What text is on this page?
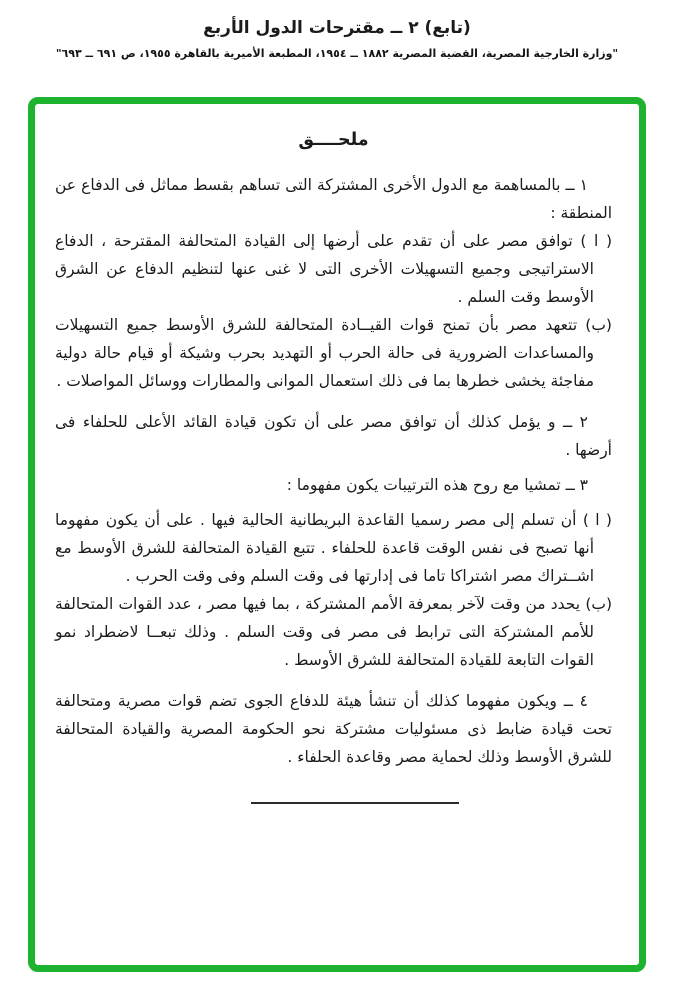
(تابع) ٢ ــ مقترحات الدول الأربع
"وزارة الخارجية المصرية، القضية المصرية ١٨٨٢ ــ ١٩٥٤، المطبعة الأميرية بالقاهرة ١٩٥٥، ص ٦٩١ ــ ٦٩٣"
ملحــــق

١ ــ بالمساهمة مع الدول الأخرى المشتركة التى تساهم بقسط مماثل فى الدفاع عن المنطقة :

( ا ) توافق مصر على أن تقدم على أرضها إلى القيادة المتحالفة المقترحة ، الدفاع الاستراتيجى وجميع التسهيلات الأخرى التى لا غنى عنها لتنظيم الدفاع عن الشرق الأوسط وقت السلم .

(ب) تتعهد مصر بأن تمنح قوات القيــادة المتحالفة للشرق الأوسط جميع التسهيلات والمساعدات الضرورية فى حالة الحرب أو التهديد بحرب وشيكة أو قيام حالة دولية مفاجئة يخشى خطرها بما فى ذلك استعمال الموانى والمطارات ووسائل المواصلات .

٢ ــ و يؤمل كذلك أن توافق مصر على أن تكون قيادة القائد الأعلى للحلفاء فى أرضها .

٣ ــ تمشيا مع روح هذه الترتيبات يكون مفهوما :

( ا ) أن تسلم إلى مصر رسميا القاعدة البريطانية الحالية فيها . على أن يكون مفهوما أنها تصبح فى نفس الوقت قاعدة للحلفاء . تتبع القيادة المتحالفة للشرق الأوسط مع اشــتراك مصر اشتراكا تاما فى إدارتها فى وقت السلم وفى وقت الحرب .

(ب) يحدد من وقت لآخر بمعرفة الأمم المشتركة ، بما فيها مصر ، عدد القوات المتحالفة للأمم المشتركة التى ترابط فى مصر فى وقت السلم . وذلك تبعــا لاضطراد نمو القوات التابعة للقيادة المتحالفة للشرق الأوسط .

٤ ــ ويكون مفهوما كذلك أن تنشأ هيئة للدفاع الجوى تضم قوات مصرية ومتحالفة تحت قيادة ضابط ذى مسئوليات مشتركة نحو الحكومة المصرية والقيادة المتحالفة للشرق الأوسط وذلك لحماية مصر وقاعدة الحلفاء .
